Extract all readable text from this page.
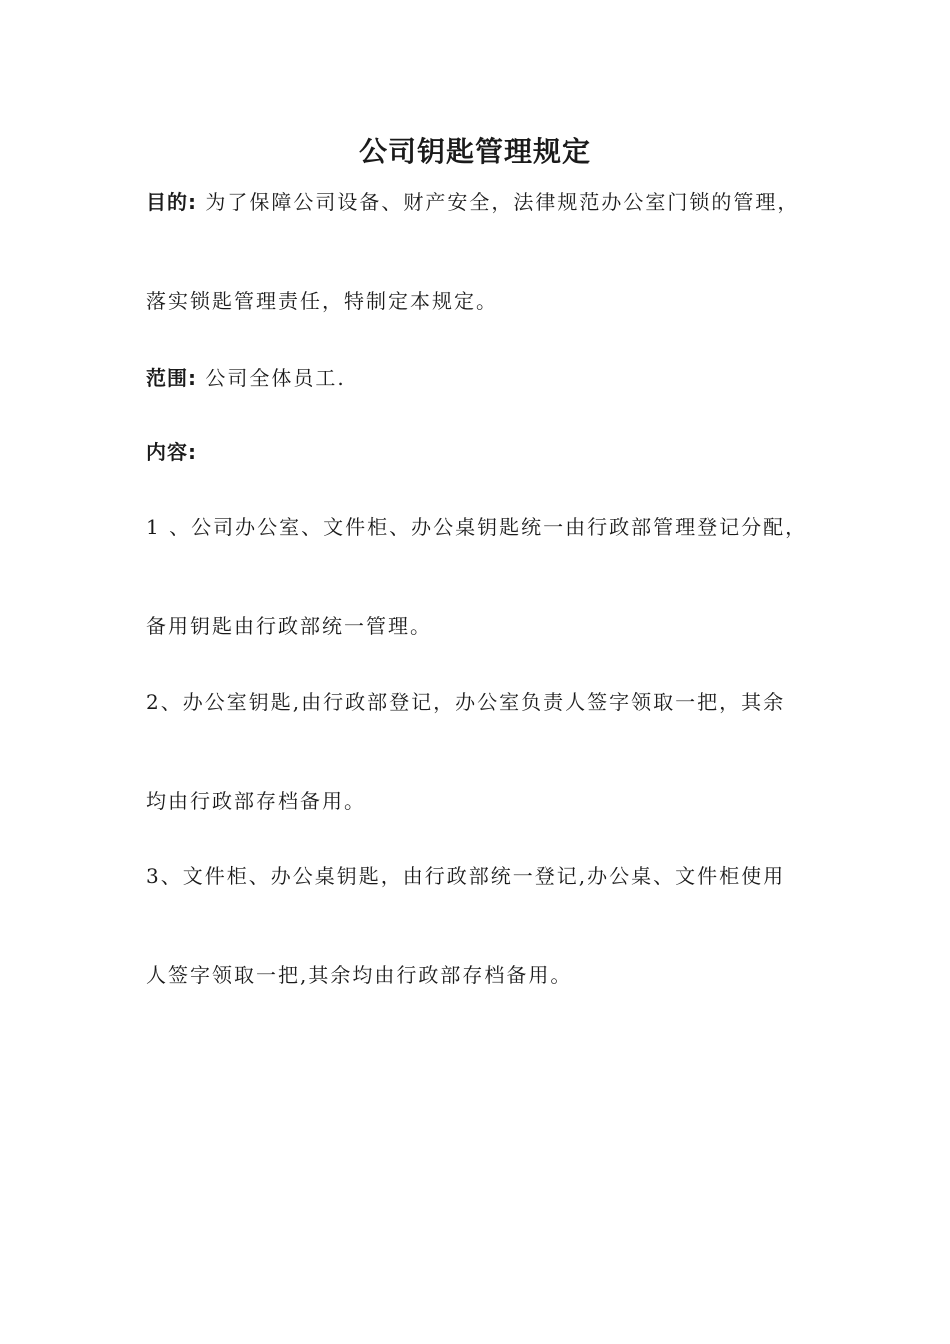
公司钥匙管理规定
目的: 为了保障公司设备、财产安全，法律规范办公室门锁的管理，
落实锁匙管理责任，特制定本规定。
范围: 公司全体员工.
内容:
1 、公司办公室、文件柜、办公桌钥匙统一由行政部管理登记分配，
备用钥匙由行政部统一管理。
2、办公室钥匙,由行政部登记，办公室负责人签字领取一把，其余
均由行政部存档备用。
3、文件柜、办公桌钥匙，由行政部统一登记,办公桌、文件柜使用
人签字领取一把,其余均由行政部存档备用。
